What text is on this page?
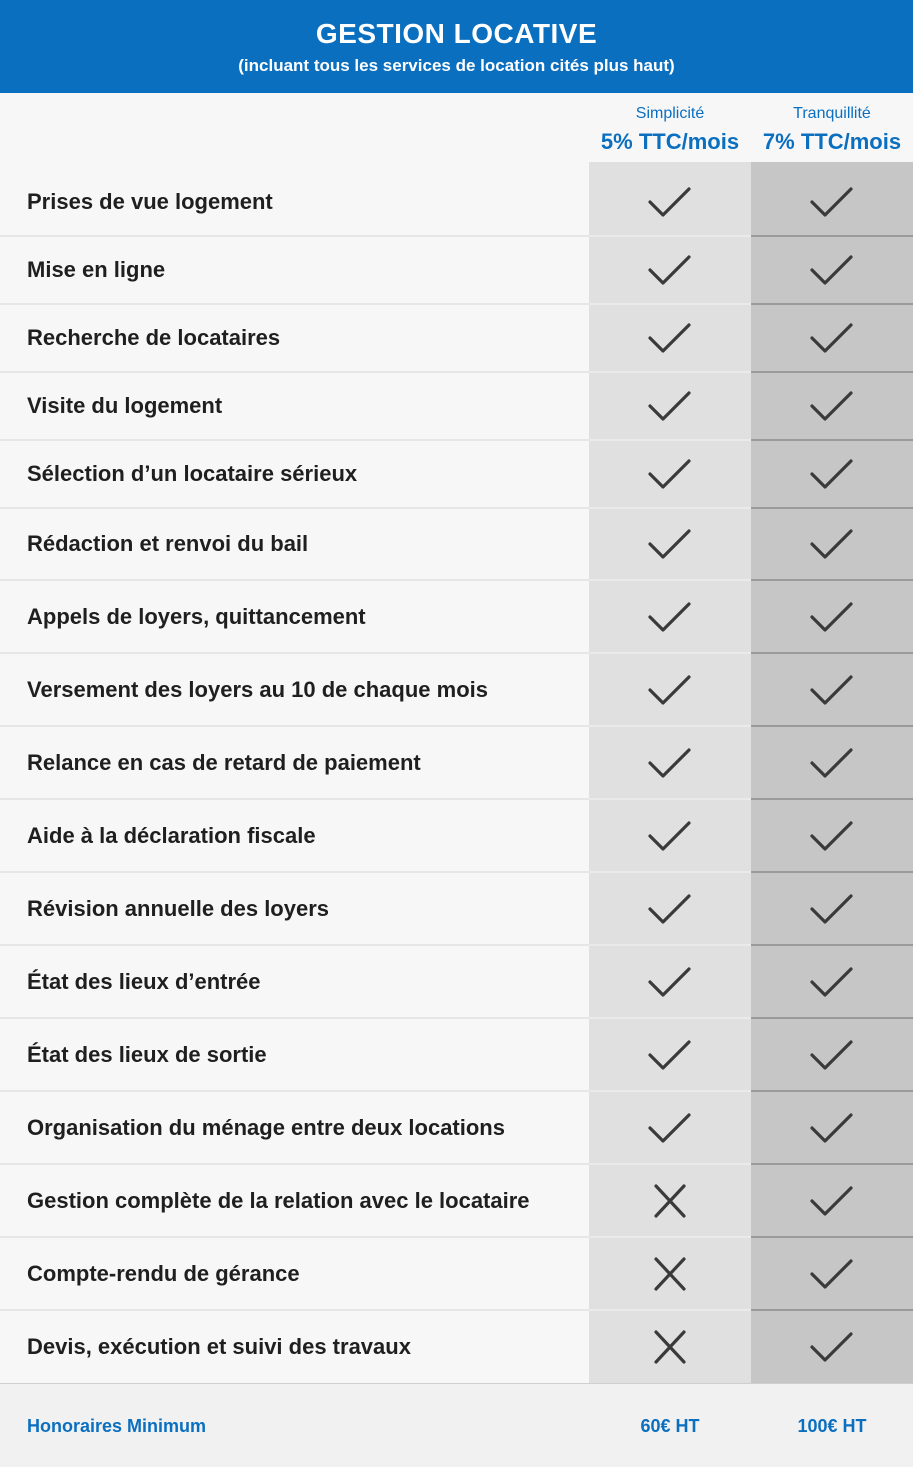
GESTION LOCATIVE
(incluant tous les services de location cités plus haut)
Simplicité
5% TTC/mois
Tranquillité
7% TTC/mois
Prises de vue logement
Mise en ligne
Recherche de locataires
Visite du logement
Sélection d’un locataire sérieux
Rédaction et renvoi du bail
Appels de loyers, quittancement
Versement des loyers au 10 de chaque mois
Relance en cas de retard de paiement
Aide à la déclaration fiscale
Révision annuelle des loyers
État des lieux d’entrée
État des lieux de sortie
Organisation du ménage entre deux locations
Gestion complète de la relation avec le locataire
Compte-rendu de gérance
Devis, exécution et suivi des travaux
Honoraires Minimum	60€ HT	100€ HT
